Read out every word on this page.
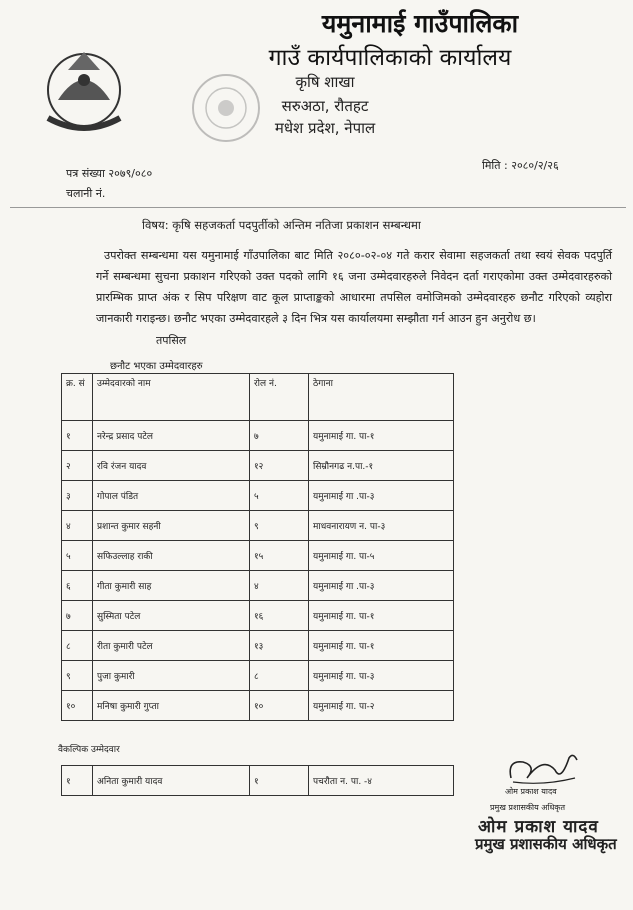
यमुनामाई गाउँपालिका
गाउँ कार्यपालिकाको कार्यालय
कृषि शाखा
सरुअठा, रौतहट
मधेश प्रदेश, नेपाल
पत्र संख्या २०७९/०८०
चलानी नं.
मिति : २०८०/२/२६
विषय: कृषि सहजकर्ता पदपुर्तीको अन्तिम नतिजा प्रकाशन सम्बन्धमा
उपरोक्त सम्बन्धमा यस यमुनामाई गाँउपालिका बाट मिति २०८०-०२-०४ गते करार सेवामा सहजकर्ता तथा स्वयं सेवक पदपुर्ति गर्ने सम्बन्धमा सुचना प्रकाशन गरिएको उक्त पदको लागि १६ जना उम्मेदवारहरुले निवेदन दर्ता गराएकोमा उक्त उम्मेदवारहरुको प्रारम्भिक प्राप्त अंक र सिप परिक्षण वाट कूल प्राप्ताङ्कको आधारमा तपसिल वमोजिमको उम्मेदवारहरु छनौट गरिएको व्यहोरा जानकारी गराइन्छ। छनौट भएका उम्मेदवारहले ३ दिन भित्र यस कार्यालयमा सम्झौता गर्न आउन हुन अनुरोध छ।
तपसिल
छनौट भएका उम्मेदवारहरु
क्र. सं	उम्मेदवारको नाम	रोल नं.	ठेगाना
१	नरेन्द्र प्रसाद पटेल	७	यमुनामाई गा. पा-१
२	रवि रंजन यादव	१२	सिम्रौनगढ न.पा.-१
३	गोपाल पंडित	५	यमुनामाई गा .पा-३
४	प्रशान्त कुमार सहनी	९	माधवनारायण न. पा-३
५	सफिउल्लाह राकी	१५	यमुनामाई गा. पा-५
६	गीता कुमारी साह	४	यमुनामाई गा .पा-३
७	सुस्मिता पटेल	१६	यमुनामाई गा. पा-१
८	रीता कुमारी पटेल	१३	यमुनामाई गा. पा-१
९	पुजा कुमारी	८	यमुनामाई गा. पा-३
१०	मनिषा कुमारी गुप्ता	१०	यमुनामाई गा. पा-२
वैकल्पिक उम्मेदवार
१	अनिता कुमारी यादव	१	पचरौता न. पा. -४
ओम प्रकाश यादव
प्रमुख प्रशासकीय अधिकृत
ओम प्रकाश यादव
प्रमुख प्रशासकीय अधिकृत
